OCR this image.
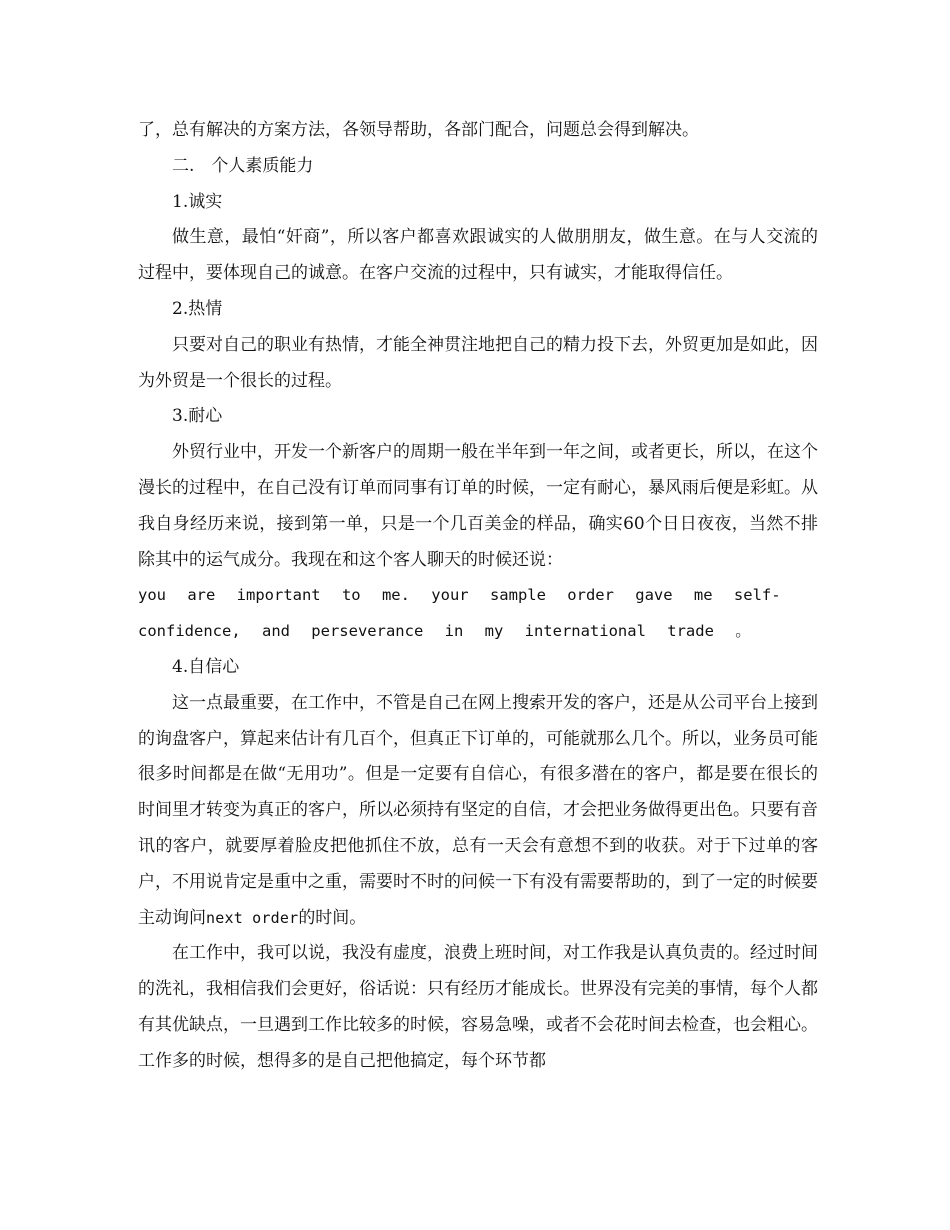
了，总有解决的方案方法，各领导帮助，各部门配合，问题总会得到解决。

二.　个人素质能力

1.诚实

做生意，最怕“奸商”，所以客户都喜欢跟诚实的人做朋朋友，做生意。在与人交流的过程中，要体现自己的诚意。在客户交流的过程中，只有诚实，才能取得信任。

2.热情

只要对自己的职业有热情，才能全神贯注地把自己的精力投下去，外贸更加是如此，因为外贸是一个很长的过程。

3.耐心

外贸行业中，开发一个新客户的周期一般在半年到一年之间，或者更长，所以，在这个漫长的过程中，在自己没有订单而同事有订单的时候，一定有耐心，暴风雨后便是彩虹。从我自身经历来说，接到第一单，只是一个几百美金的样品，确实60个日日夜夜，当然不排除其中的运气成分。我现在和这个客人聊天的时候还说：

you are important to me. your sample order gave me self-

confidence, and perseverance in my international trade 。

4.自信心

这一点最重要，在工作中，不管是自己在网上搜索开发的客户，还是从公司平台上接到的询盘客户，算起来估计有几百个，但真正下订单的，可能就那么几个。所以，业务员可能很多时间都是在做“无用功”。但是一定要有自信心，有很多潜在的客户，都是要在很长的时间里才转变为真正的客户，所以必须持有坚定的自信，才会把业务做得更出色。只要有音讯的客户，就要厚着脸皮把他抓住不放，总有一天会有意想不到的收获。对于下过单的客户，不用说肯定是重中之重，需要时不时的问候一下有没有需要帮助的，到了一定的时候要主动询问next order的时间。

在工作中，我可以说，我没有虚度，浪费上班时间，对工作我是认真负责的。经过时间的洗礼，我相信我们会更好，俗话说：只有经历才能成长。世界没有完美的事情，每个人都有其优缺点，一旦遇到工作比较多的时候，容易急噪，或者不会花时间去检查，也会粗心。工作多的时候，想得多的是自己把他搞定，每个环节都
